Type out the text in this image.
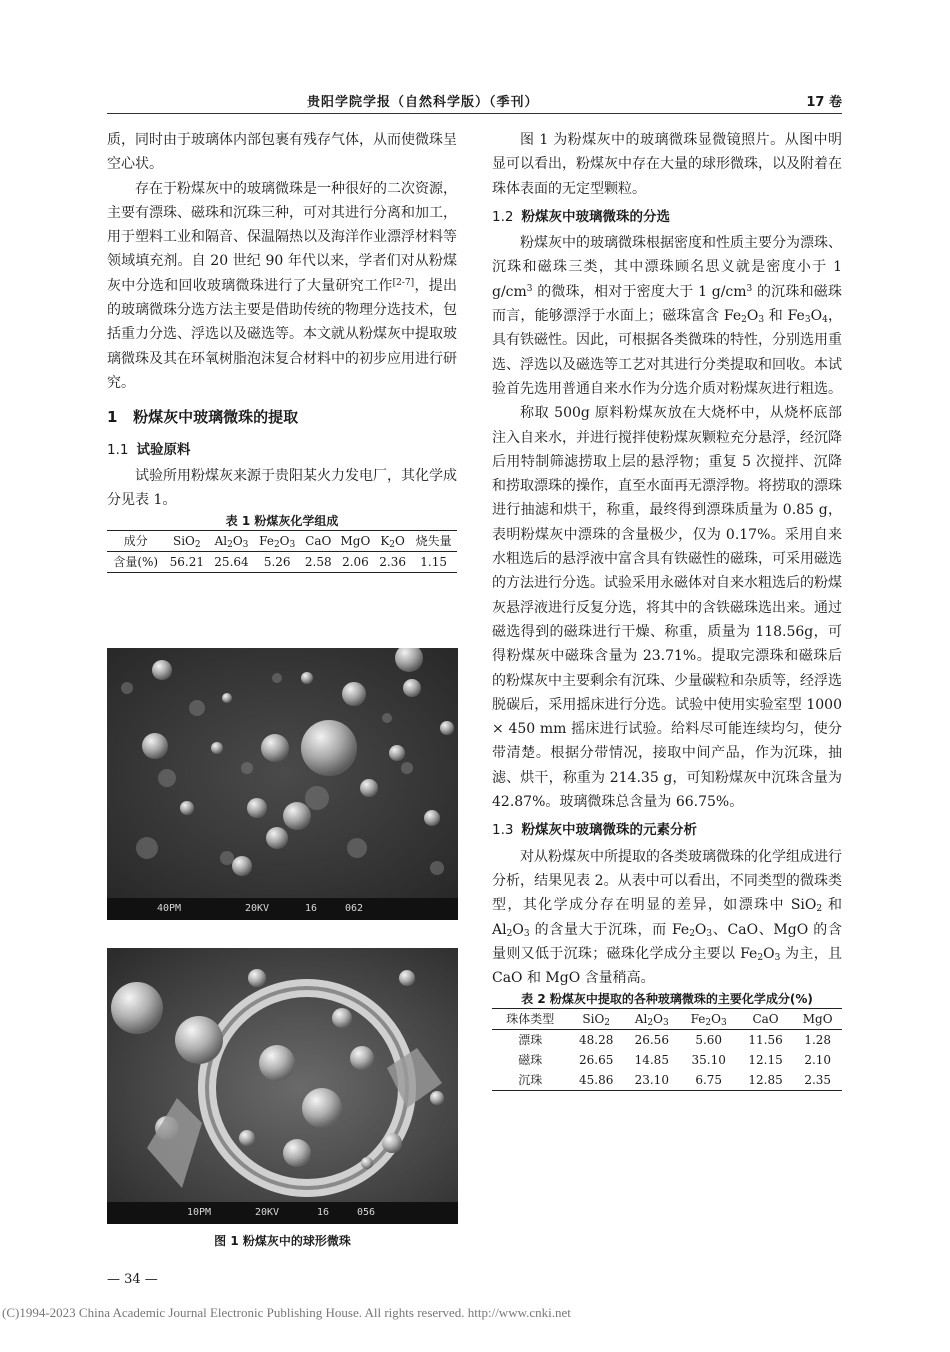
贵阳学院学报（自然科学版）（季刊）	17 卷

质，同时由于玻璃体内部包裹有残存气体，从而使微珠呈空心状。

存在于粉煤灰中的玻璃微珠是一种很好的二次资源，主要有漂珠、磁珠和沉珠三种，可对其进行分离和加工，用于塑料工业和隔音、保温隔热以及海洋作业漂浮材料等领域填充剂。自 20 世纪 90 年代以来，学者们对从粉煤灰中分选和回收玻璃微珠进行了大量研究工作[2-7]，提出的玻璃微珠分选方法主要是借助传统的物理分选技术，包括重力分选、浮选以及磁选等。本文就从粉煤灰中提取玻璃微珠及其在环氧树脂泡沫复合材料中的初步应用进行研究。

1 粉煤灰中玻璃微珠的提取
1.1 试验原料

试验所用粉煤灰来源于贵阳某火力发电厂，其化学成分见表 1。

表 1 粉煤灰化学组成
成分	SiO$_2$	$Al_2O_3$	$Fe_2O_3$	CaO	MgO	$K_2O$	烧失量
含量(%)	56.21	25.64	5.26	2.58	2.06	2.36	1.15
40PM	20KV	16	062
10PM	20KV	16	056
图 1 粉煤灰中的球形微珠

图 1 为粉煤灰中的玻璃微珠显微镜照片。从图中明显可以看出，粉煤灰中存在大量的球形微珠，以及附着在珠体表面的无定型颗粒。

1.2 粉煤灰中玻璃微珠的分选

粉煤灰中的玻璃微珠根据密度和性质主要分为漂珠、沉珠和磁珠三类，其中漂珠顾名思义就是密度小于 1 $g/cm^3$ 的微珠，相对于密度大于 1 $g/cm^3$ 的沉珠和磁珠而言，能够漂浮于水面上；磁珠富含 $Fe_2O_3$ 和 $Fe_3O_4$，具有铁磁性。因此，可根据各类微珠的特性，分别选用重选、浮选以及磁选等工艺对其进行分类提取和回收。本试验首先选用普通自来水作为分选介质对粉煤灰进行粗选。

称取 500g 原料粉煤灰放在大烧杯中，从烧杯底部注入自来水，并进行搅拌使粉煤灰颗粒充分悬浮，经沉降后用特制筛滤捞取上层的悬浮物；重复 5 次搅拌、沉降和捞取漂珠的操作，直至水面再无漂浮物。将捞取的漂珠进行抽滤和烘干，称重，最终得到漂珠质量为 0.85 g，表明粉煤灰中漂珠的含量极少，仅为 0.17%。采用自来水粗选后的悬浮液中富含具有铁磁性的磁珠，可采用磁选的方法进行分选。试验采用永磁体对自来水粗选后的粉煤灰悬浮液进行反复分选，将其中的含铁磁珠选出来。通过磁选得到的磁珠进行干燥、称重，质量为 118.56g，可得粉煤灰中磁珠含量为 23.71%。提取完漂珠和磁珠后的粉煤灰中主要剩余有沉珠、少量碳粒和杂质等，经浮选脱碳后，采用摇床进行分选。试验中使用实验室型 1000 × 450 mm 摇床进行试验。给料尽可能连续均匀，使分带清楚。根据分带情况，接取中间产品，作为沉珠，抽滤、烘干，称重为 214.35 g，可知粉煤灰中沉珠含量为 42.87%。玻璃微珠总含量为 66.75%。

1.3 粉煤灰中玻璃微珠的元素分析

对从粉煤灰中所提取的各类玻璃微珠的化学组成进行分析，结果见表 2。从表中可以看出，不同类型的微珠类型，其化学成分存在明显的差异，如漂珠中 SiO$_2$ 和 $Al_2O_3$ 的含量大于沉珠，而 $Fe_2O_3$、CaO、MgO 的含量则又低于沉珠；磁珠化学成分主要以 $Fe_2O_3$ 为主，且 CaO 和 MgO 含量稍高。

表 2 粉煤灰中提取的各种玻璃微珠的主要化学成分(%)
珠体类型	SiO$_2$	$Al_2O_3$	$Fe_2O_3$	CaO	MgO
漂珠	48.28	26.56	5.60	11.56	1.28
磁珠	26.65	14.85	35.10	12.15	2.10
沉珠	45.86	23.10	6.75	12.85	2.35
— 34 —
(C)1994-2023 China Academic Journal Electronic Publishing House. All rights reserved. http://www.cnki.net
